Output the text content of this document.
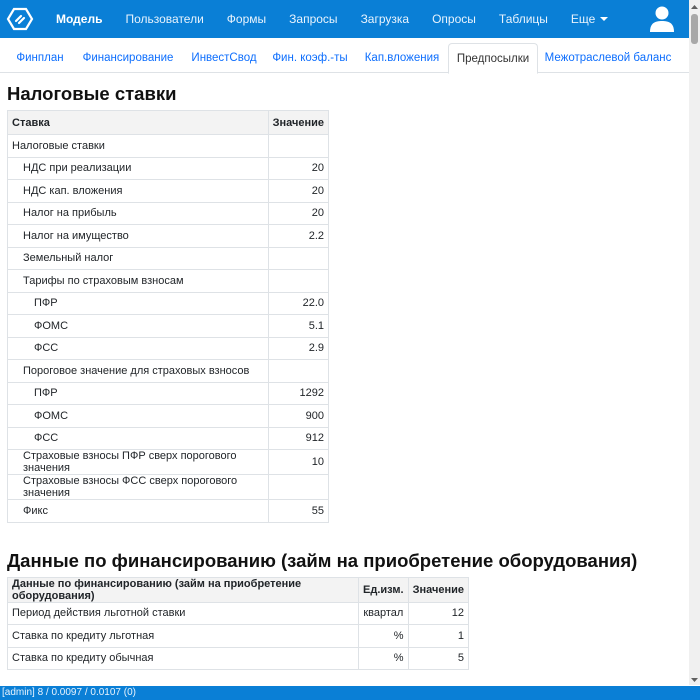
Модель Пользователи Формы Запросы Загрузка Опросы Таблицы Еще
Финплан	Финансирование	ИнвестСвод	Фин. коэф.-ты	Кап.вложения	Предпосылки	Межотраслевой баланс
Налоговые ставки
Ставка	Значение
Налоговые ставки	
НДС при реализации	20
НДС кап. вложения	20
Налог на прибыль	20
Налог на имущество	2.2
Земельный налог	
Тарифы по страховым взносам	
ПФР	22.0
ФОМС	5.1
ФСС	2.9
Пороговое значение для страховых взносов	
ПФР	1292
ФОМС	900
ФСС	912
Страховые взносы ПФР сверх порогового значения	10
Страховые взносы ФСС сверх порогового значения	
Фикс	55
Данные по финансированию (займ на приобретение оборудования)
Данные по финансированию (займ на приобретение оборудования)	Ед.изм.	Значение
Период действия льготной ставки	квартал	12
Ставка по кредиту льготная	%	1
Ставка по кредиту обычная	%	5
[admin] 8 / 0.0097 / 0.0107 (0)
